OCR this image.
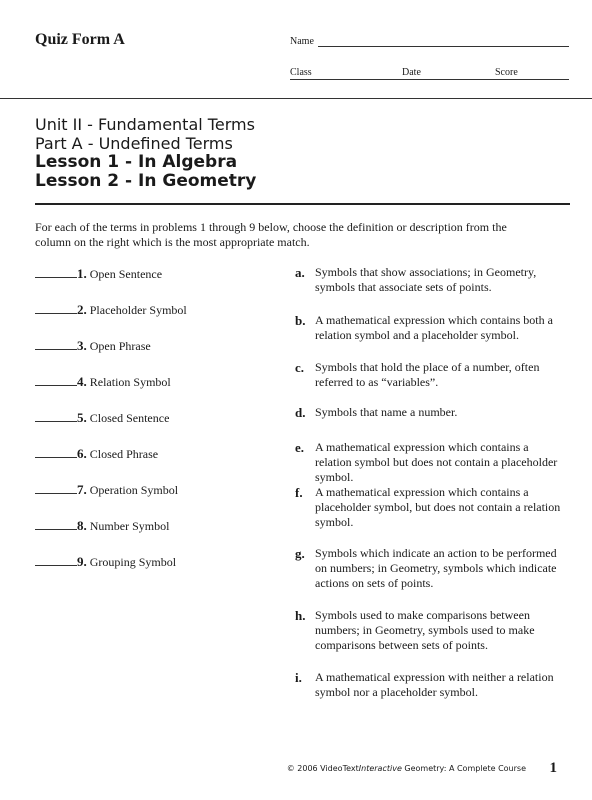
Quiz Form A	Name
Class	Date	Score
Unit II - Fundamental Terms
Part A - Undefined Terms
Lesson 1 - In Algebra
Lesson 2 - In Geometry
For each of the terms in problems 1 through 9 below, choose the definition or description from the column on the right which is the most appropriate match.
1. Open Sentence
2. Placeholder Symbol
3. Open Phrase
4. Relation Symbol
5. Closed Sentence
6. Closed Phrase
7. Operation Symbol
8. Number Symbol
9. Grouping Symbol
a. Symbols that show associations; in Geometry, symbols that associate sets of points.
b. A mathematical expression which contains both a relation symbol and a placeholder symbol.
c. Symbols that hold the place of a number, often referred to as “variables”.
d. Symbols that name a number.
e. A mathematical expression which contains a relation symbol but does not contain a placeholder symbol.
f. A mathematical expression which contains a placeholder symbol, but does not contain a relation symbol.
g. Symbols which indicate an action to be performed on numbers; in Geometry, symbols which indicate actions on sets of points.
h. Symbols used to make comparisons between numbers; in Geometry, symbols used to make comparisons between sets of points.
i. A mathematical expression with neither a relation symbol nor a placeholder symbol.
© 2006 VideoTextInteractive Geometry: A Complete Course 1
